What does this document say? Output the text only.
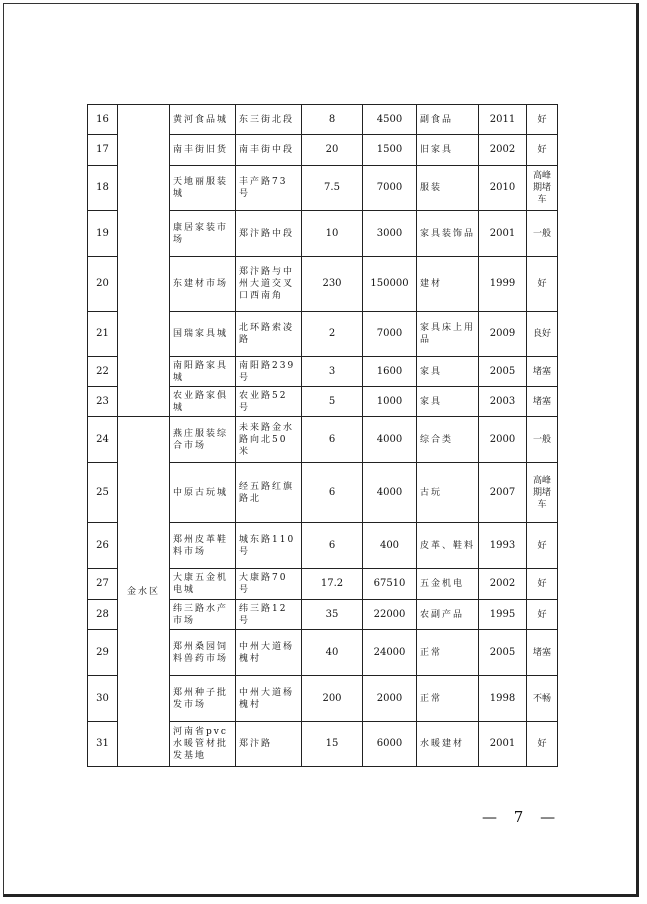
16		黄河食品城	东三街北段	8	4500	副食品	2011	好
17		南丰街旧货	南丰街中段	20	1500	旧家具	2002	好
18		天地丽服装城	丰产路73号	7.5	7000	服装	2010	高峰期堵车
19		康居家装市场	郑汴路中段	10	3000	家具装饰品	2001	一般
20		东建材市场	郑汴路与中州大道交叉口西南角	230	150000	建材	1999	好
21		国瑞家具城	北环路索凌路	2	7000	家具床上用品	2009	良好
22		南阳路家具城	南阳路239号	3	1600	家具	2005	堵塞
23		农业路家俱城	农业路52号	5	1000	家具	2003	堵塞
24	金水区	燕庄服装综合市场	未来路金水路向北50米	6	4000	综合类	2000	一般
25		中原古玩城	经五路红旗路北	6	4000	古玩	2007	高峰期堵车
26		郑州皮革鞋料市场	城东路110号	6	400	皮革、鞋料	1993	好
27		大康五金机电城	大康路70号	17.2	67510	五金机电	2002	好
28		纬三路水产市场	纬三路12号	35	22000	农副产品	1995	好
29		郑州桑园饲料兽药市场	中州大道杨槐村	40	24000	正常	2005	堵塞
30		郑州种子批发市场	中州大道杨槐村	200	2000	正常	1998	不畅
31		河南省pvc水暖管材批发基地	郑汴路	15	6000	水暖建材	2001	好
— 7 —
